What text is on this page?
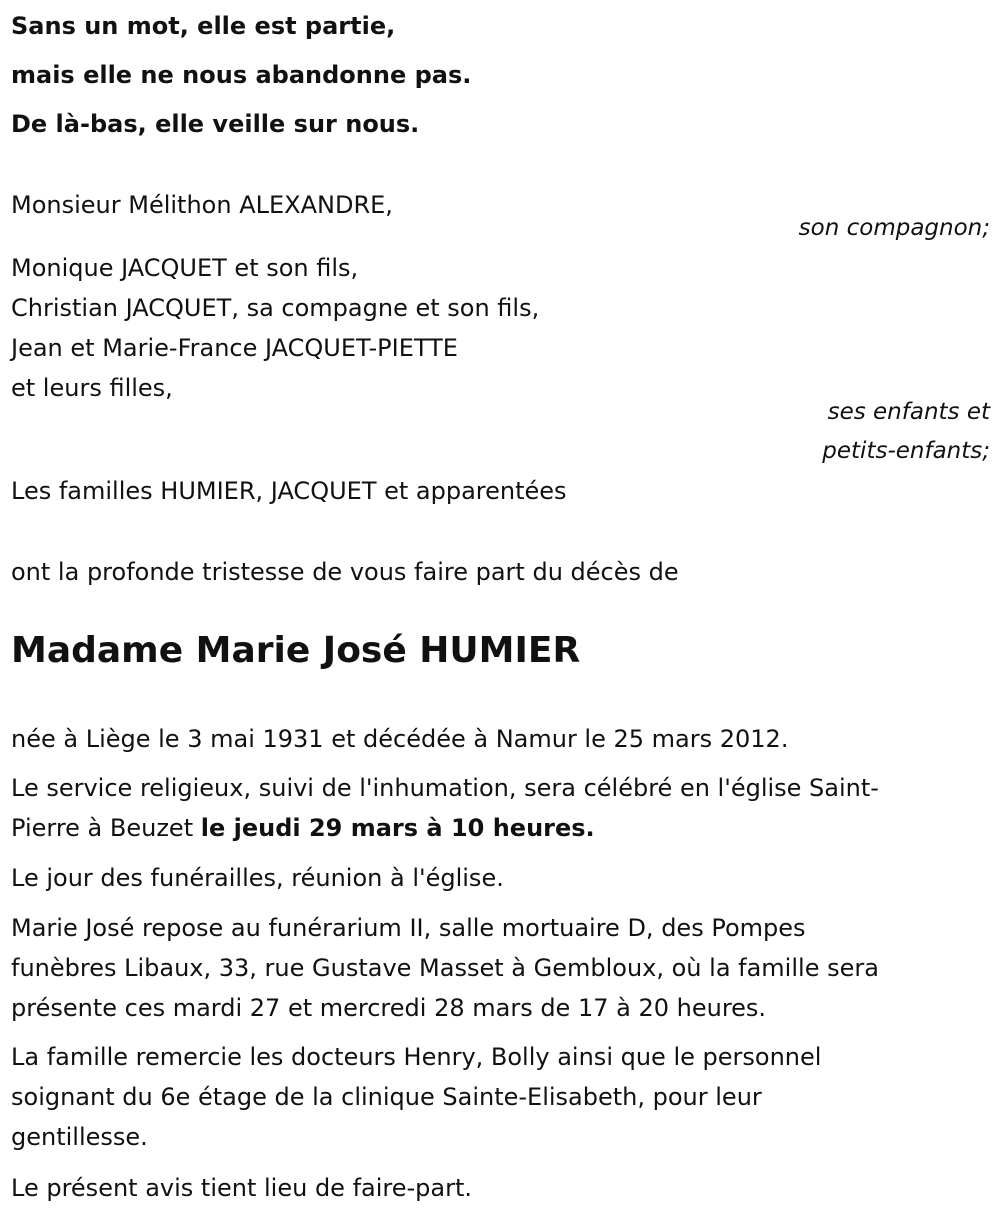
Sans un mot, elle est partie,
mais elle ne nous abandonne pas.
De là-bas, elle veille sur nous.
Monsieur Mélithon ALEXANDRE,
son compagnon;
Monique JACQUET et son fils,
Christian JACQUET, sa compagne et son fils,
Jean et Marie-France JACQUET-PIETTE
et leurs filles,
ses enfants et
petits-enfants;
Les familles HUMIER, JACQUET et apparentées
ont la profonde tristesse de vous faire part du décès de
Madame Marie José HUMIER
née à Liège le 3 mai 1931 et décédée à Namur le 25 mars 2012.
Le service religieux, suivi de l'inhumation, sera célébré en l'église Saint-
Pierre à Beuzet le jeudi 29 mars à 10 heures.
Le jour des funérailles, réunion à l'église.
Marie José repose au funérarium II, salle mortuaire D, des Pompes
funèbres Libaux, 33, rue Gustave Masset à Gembloux, où la famille sera
présente ces mardi 27 et mercredi 28 mars de 17 à 20 heures.
La famille remercie les docteurs Henry, Bolly ainsi que le personnel
soignant du 6e étage de la clinique Sainte-Elisabeth, pour leur
gentillesse.
Le présent avis tient lieu de faire-part.
